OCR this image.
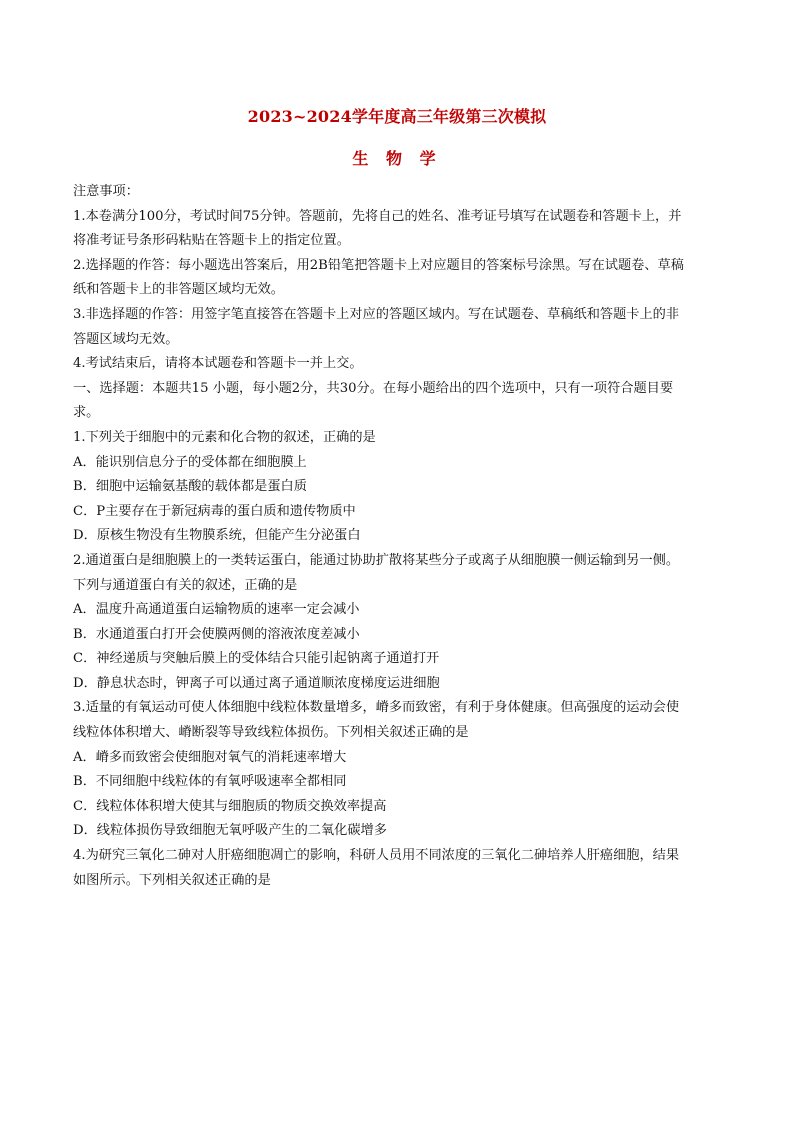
2023~2024学年度高三年级第三次模拟
生 物 学
注意事项：
1.本卷满分100分，考试时间75分钟。答题前，先将自己的姓名、准考证号填写在试题卷和答题卡上，并
将准考证号条形码粘贴在答题卡上的指定位置。
2.选择题的作答：每小题选出答案后，用2B铅笔把答题卡上对应题目的答案标号涂黑。写在试题卷、草稿
纸和答题卡上的非答题区域均无效。
3.非选择题的作答：用签字笔直接答在答题卡上对应的答题区域内。写在试题卷、草稿纸和答题卡上的非
答题区域均无效。
4.考试结束后，请将本试题卷和答题卡一并上交。
一、选择题：本题共15 小题，每小题2分，共30分。在每小题给出的四个选项中，只有一项符合题目要
求。
1.下列关于细胞中的元素和化合物的叙述，正确的是
A．能识别信息分子的受体都在细胞膜上
B．细胞中运输氨基酸的载体都是蛋白质
C．P主要存在于新冠病毒的蛋白质和遗传物质中
D．原核生物没有生物膜系统，但能产生分泌蛋白
2.通道蛋白是细胞膜上的一类转运蛋白，能通过协助扩散将某些分子或离子从细胞膜一侧运输到另一侧。
下列与通道蛋白有关的叙述，正确的是
A．温度升高通道蛋白运输物质的速率一定会减小
B．水通道蛋白打开会使膜两侧的溶液浓度差减小
C．神经递质与突触后膜上的受体结合只能引起钠离子通道打开
D．静息状态时，钾离子可以通过离子通道顺浓度梯度运进细胞
3.适量的有氧运动可使人体细胞中线粒体数量增多，嵴多而致密，有利于身体健康。但高强度的运动会使
线粒体体积增大、嵴断裂等导致线粒体损伤。下列相关叙述正确的是
A．嵴多而致密会使细胞对氧气的消耗速率增大
B．不同细胞中线粒体的有氧呼吸速率全都相同
C．线粒体体积增大使其与细胞质的物质交换效率提高
D．线粒体损伤导致细胞无氧呼吸产生的二氧化碳增多
4.为研究三氧化二砷对人肝癌细胞凋亡的影响，科研人员用不同浓度的三氧化二砷培养人肝癌细胞，结果
如图所示。下列相关叙述正确的是
